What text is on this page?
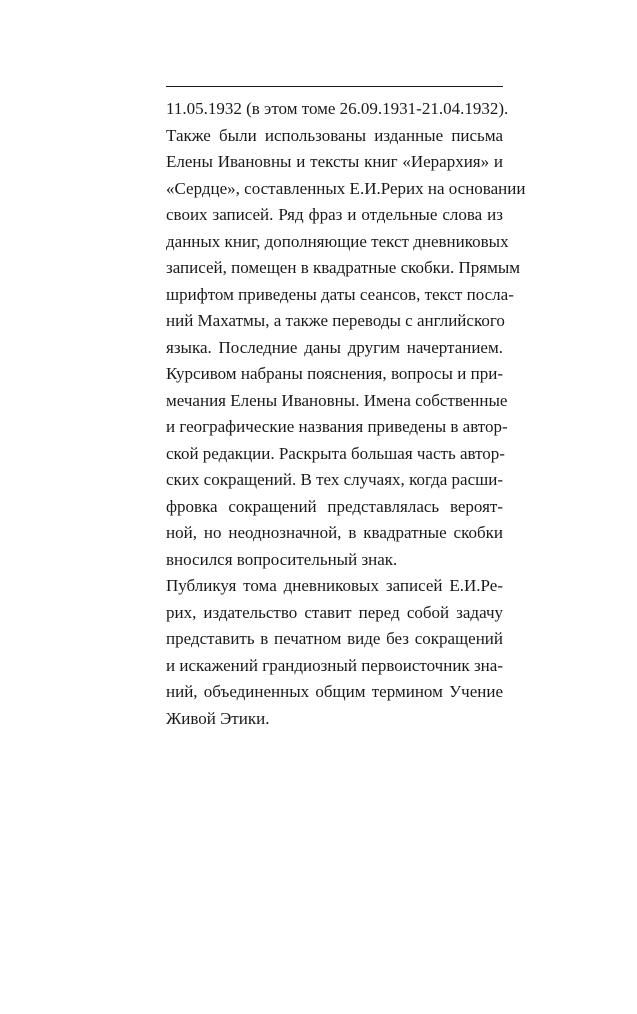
11.05.1932 (в этом томе 26.09.1931-21.04.1932).
Также были использованы изданные письма
Елены Ивановны и тексты книг «Иерархия» и
«Сердце», составленных Е.И.Рерих на основании
своих записей. Ряд фраз и отдельные слова из
данных книг, дополняющие текст дневниковых
записей, помещен в квадратные скобки. Прямым
шрифтом приведены даты сеансов, текст посла-
ний Махатмы, а также переводы с английского
языка. Последние даны другим начертанием.
Курсивом набраны пояснения, вопросы и при-
мечания Елены Ивановны. Имена собственные
и географические названия приведены в автор-
ской редакции. Раскрыта большая часть автор-
ских сокращений. В тех случаях, когда расши-
фровка сокращений представлялась вероят-
ной, но неоднозначной, в квадратные скобки
вносился вопросительный знак.
Публикуя тома дневниковых записей Е.И.Ре-
рих, издательство ставит перед собой задачу
представить в печатном виде без сокращений
и искажений грандиозный первоисточник зна-
ний, объединенных общим термином Учение
Живой Этики.
